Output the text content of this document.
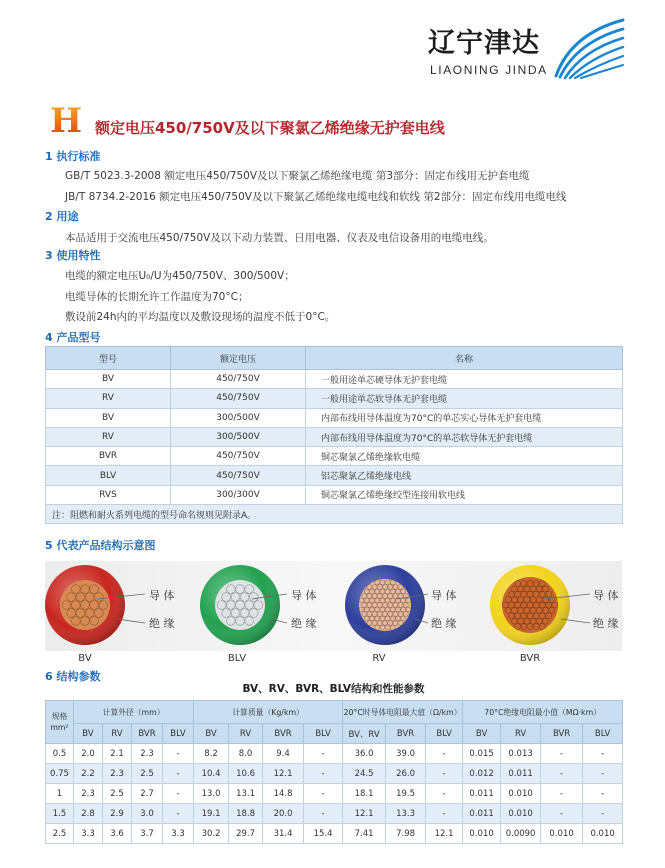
辽宁津达
LIAONING JINDA
H 额定电压450/750V及以下聚氯乙烯绝缘无护套电线
1 执行标准
GB/T 5023.3-2008 额定电压450/750V及以下聚氯乙烯绝缘电缆 第3部分：固定布线用无护套电缆
JB/T 8734.2-2016 额定电压450/750V及以下聚氯乙烯绝缘电缆电线和软线 第2部分：固定布线用电缆电线
2 用途
本品适用于交流电压450/750V及以下动力装置、日用电器、仪表及电信设备用的电缆电线。
3 使用特性
电缆的额定电压U₀/U为450/750V、300/500V；
电缆导体的长期允许工作温度为70°C；
敷设前24h内的平均温度以及敷设现场的温度不低于0°C。
4 产品型号
型号	额定电压	名称
BV	450/750V	一般用途单芯硬导体无护套电缆
RV	450/750V	一般用途单芯软导体无护套电缆
BV	300/500V	内部布线用导体温度为70°C的单芯实心导体无护套电缆
RV	300/500V	内部布线用导体温度为70°C的单芯软导体无护套电缆
BVR	450/750V	铜芯聚氯乙烯绝缘软电缆
BLV	450/750V	铝芯聚氯乙烯绝缘电线
RVS	300/300V	铜芯聚氯乙烯绝缘绞型连接用软电线
注：阻燃和耐火系列电缆的型号命名规则见附录A。		
5 代表产品结构示意图
导 体
绝 缘
导 体
绝 缘
导 体
绝 缘
导 体
绝 缘
BV	BLV	RV	BVR
6 结构参数
BV、RV、BVR、BLV结构和性能参数
规格
mm²	计算外径（mm）				计算质量（Kg/km）				20°C时导体电阻最大值（Ω/km）			70°C绝缘电阻最小值（MΩ·km）			
	BV	RV	BVR	BLV	BV	RV	BVR	BLV	BV、RV	BVR	BLV	BV	RV	BVR	BLV
0.5	2.0	2.1	2.3	-	8.2	8.0	9.4	-	36.0	39.0	-	0.015	0.013	-	-
0.75	2.2	2.3	2.5	-	10.4	10.6	12.1	-	24.5	26.0	-	0.012	0.011	-	-
1	2.3	2.5	2.7	-	13.0	13.1	14.8	-	18.1	19.5	-	0.011	0.010	-	-
1.5	2.8	2.9	3.0	-	19.1	18.8	20.0	-	12.1	13.3	-	0.011	0.010	-	-
2.5	3.3	3.6	3.7	3.3	30.2	29.7	31.4	15.4	7.41	7.98	12.1	0.010	0.0090	0.010	0.010
